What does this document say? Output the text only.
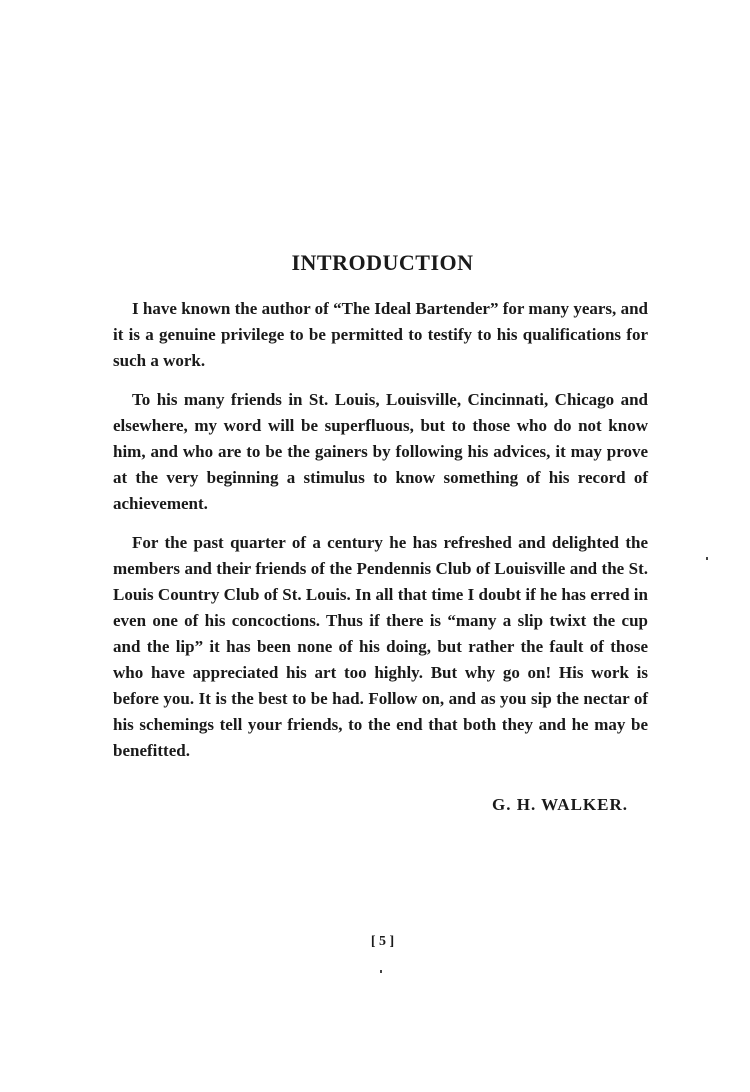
INTRODUCTION

I have known the author of “The Ideal Bartender” for many years, and it is a genuine privilege to be permitted to testify to his qualifications for such a work.

To his many friends in St. Louis, Louisville, Cincinnati, Chicago and elsewhere, my word will be superfluous, but to those who do not know him, and who are to be the gainers by following his advices, it may prove at the very beginning a stimulus to know something of his record of achievement.

For the past quarter of a century he has refreshed and delighted the members and their friends of the Pendennis Club of Louisville and the St. Louis Country Club of St. Louis. In all that time I doubt if he has erred in even one of his concoctions. Thus if there is “many a slip twixt the cup and the lip” it has been none of his doing, but rather the fault of those who have appreciated his art too highly. But why go on! His work is before you. It is the best to be had. Follow on, and as you sip the nectar of his schemings tell your friends, to the end that both they and he may be benefitted.

G. H. WALKER.

[ 5 ]
